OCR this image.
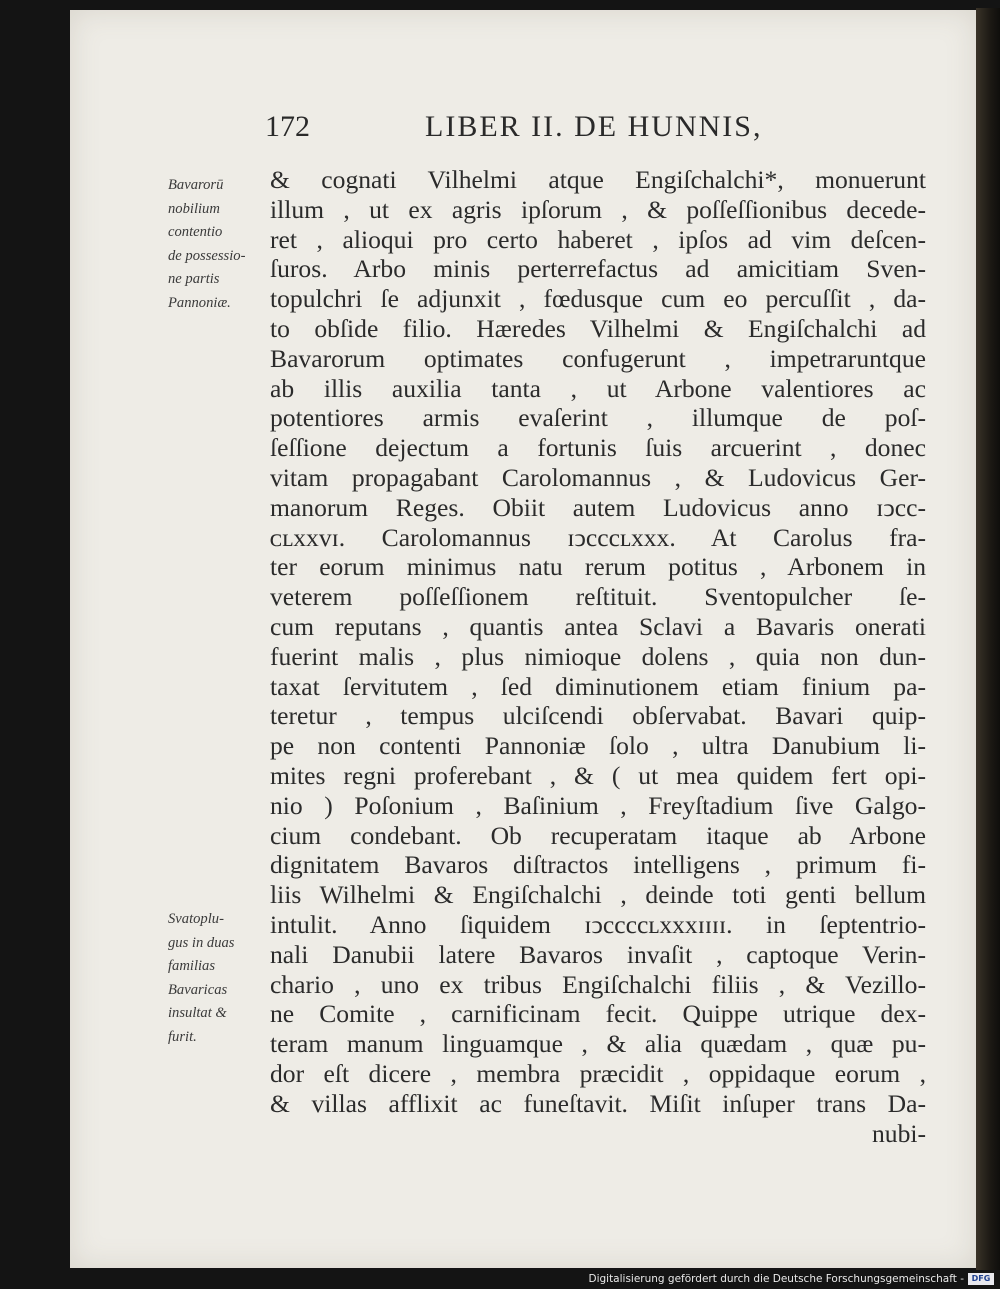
172	LIBER II. DE HUNNIS,
Bavarorū
nobilium
contentio
de possessio-
ne partis
Pannoniæ.
Svatoplu-
gus in duas
familias
Bavaricas
insultat &
furit.
& cognati Vilhelmi atque Engiſchalchi*, monuerunt
illum , ut ex agris ipſorum , & poſſeſſionibus decede-
ret , alioqui pro certo haberet , ipſos ad vim deſcen-
ſuros. Arbo minis perterrefactus ad amicitiam Sven-
topulchri ſe adjunxit , fœdusque cum eo percuſſit , da-
to obſide filio. Hæredes Vilhelmi & Engiſchalchi ad
Bavarorum optimates confugerunt , impetraruntque
ab illis auxilia tanta , ut Arbone valentiores ac
potentiores armis evaſerint , illumque de poſ-
ſeſſione dejectum a fortunis ſuis arcuerint , donec
vitam propagabant Carolomannus , & Ludovicus Ger-
manorum Reges. Obiit autem Ludovicus anno ɪↄcc-
ᴄʟxxvɪ. Carolomannus ɪↄcccʟxxx. At Carolus fra-
ter eorum minimus natu rerum potitus , Arbonem in
veterem poſſeſſionem reſtituit. Sventopulcher ſe-
cum reputans , quantis antea Sclavi a Bavaris onerati
fuerint malis , plus nimioque dolens , quia non dun-
taxat ſervitutem , ſed diminutionem etiam finium pa-
teretur , tempus ulciſcendi obſervabat. Bavari quip-
pe non contenti Pannoniæ ſolo , ultra Danubium li-
mites regni proferebant , & ( ut mea quidem fert opi-
nio ) Poſonium , Baſinium , Freyſtadium ſive Galgo-
cium condebant. Ob recuperatam itaque ab Arbone
dignitatem Bavaros diſtractos intelligens , primum fi-
liis Wilhelmi & Engiſchalchi , deinde toti genti bellum
intulit. Anno ſiquidem ɪↄccccʟxxxɪɪɪɪ. in ſeptentrio-
nali Danubii latere Bavaros invaſit , captoque Verin-
chario , uno ex tribus Engiſchalchi filiis , & Vezillo-
ne Comite , carnificinam fecit. Quippe utrique dex-
teram manum linguamque , & alia quædam , quæ pu-
dor eſt dicere , membra præcidit , oppidaque eorum ,
& villas afflixit ac funeſtavit. Miſit inſuper trans Da-
nubi-
Digitalisierung gefördert durch die Deutsche Forschungsgemeinschaft - DFG
